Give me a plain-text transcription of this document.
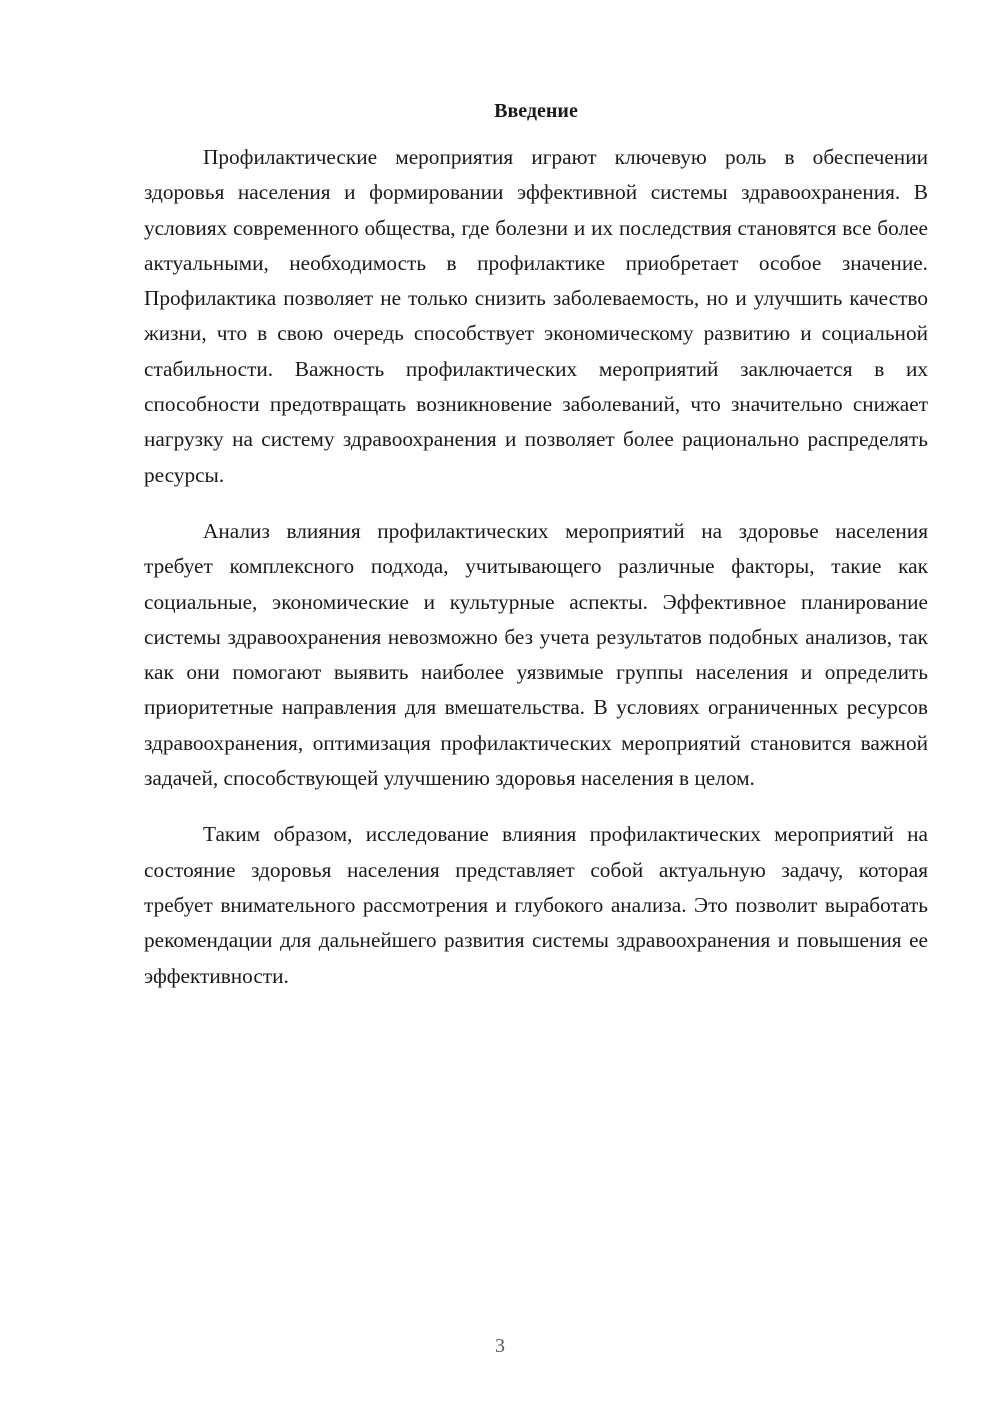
Введение

Профилактические мероприятия играют ключевую роль в обеспечении здоровья населения и формировании эффективной системы здравоохранения. В условиях современного общества, где болезни и их последствия становятся все более актуальными, необходимость в профилактике приобретает особое значение. Профилактика позволяет не только снизить заболеваемость, но и улучшить качество жизни, что в свою очередь способствует экономическому развитию и социальной стабильности. Важность профилактических мероприятий заключается в их способности предотвращать возникновение заболеваний, что значительно снижает нагрузку на систему здравоохранения и позволяет более рационально распределять ресурсы.

Анализ влияния профилактических мероприятий на здоровье населения требует комплексного подхода, учитывающего различные факторы, такие как социальные, экономические и культурные аспекты. Эффективное планирование системы здравоохранения невозможно без учета результатов подобных анализов, так как они помогают выявить наиболее уязвимые группы населения и определить приоритетные направления для вмешательства. В условиях ограниченных ресурсов здравоохранения, оптимизация профилактических мероприятий становится важной задачей, способствующей улучшению здоровья населения в целом.

Таким образом, исследование влияния профилактических мероприятий на состояние здоровья населения представляет собой актуальную задачу, которая требует внимательного рассмотрения и глубокого анализа. Это позволит выработать рекомендации для дальнейшего развития системы здравоохранения и повышения ее эффективности.

3
